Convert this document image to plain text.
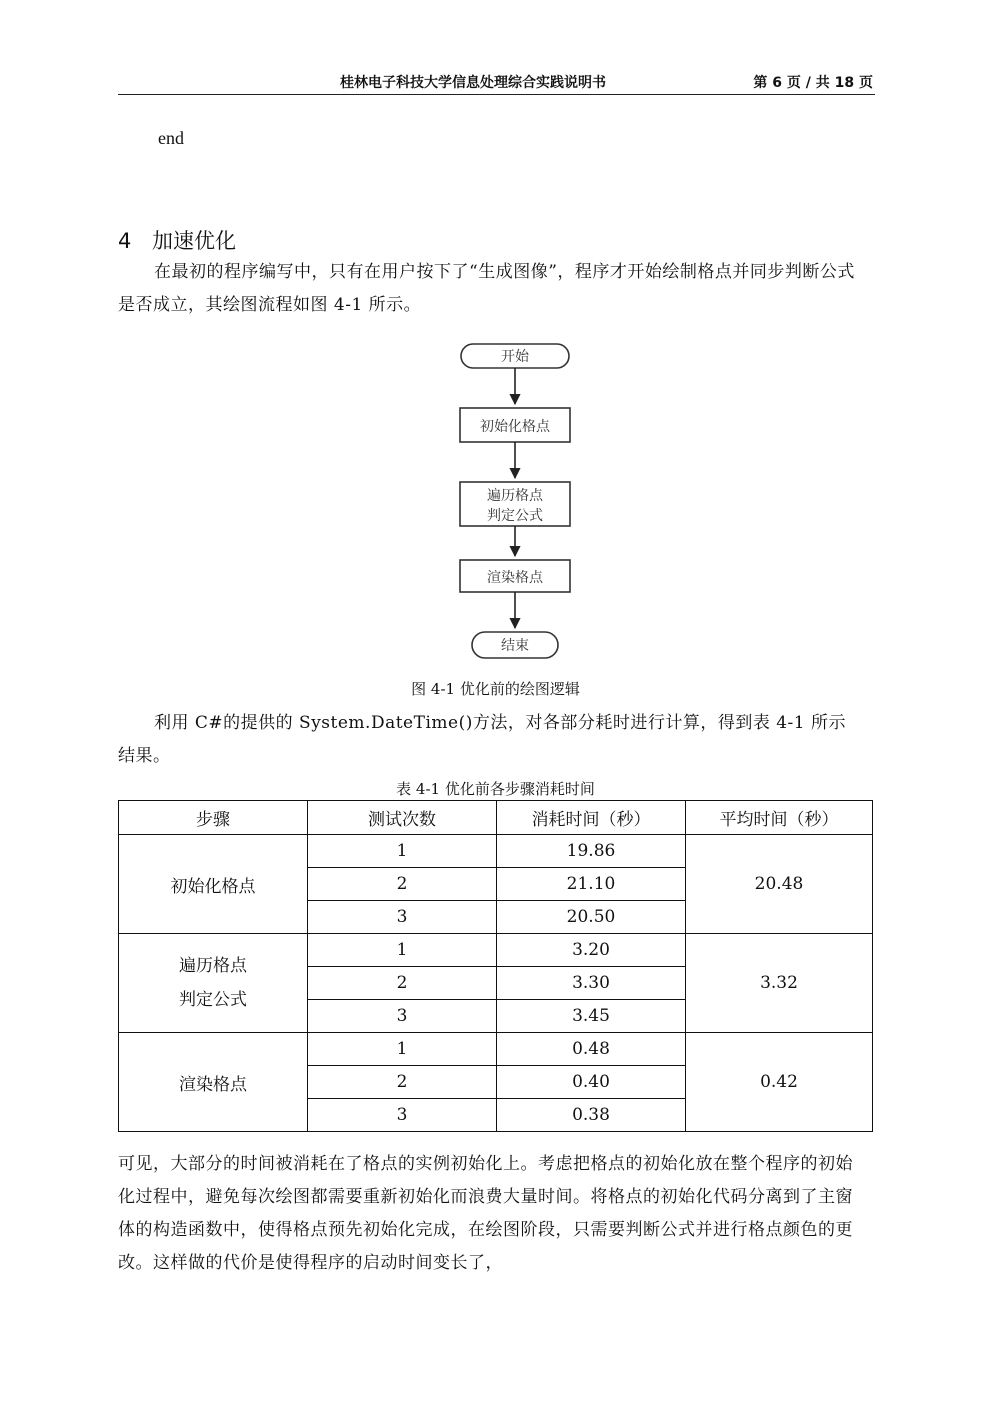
桂林电子科技大学信息处理综合实践说明书	第 6 页 / 共 18 页
end
4 加速优化
在最初的程序编写中，只有在用户按下了“生成图像”，程序才开始绘制格点并同步判断公式是否成立，其绘图流程如图 4-1 所示。
开始
初始化格点
遍历格点
判定公式
渲染格点
结束
图 4-1 优化前的绘图逻辑
利用 C#的提供的 System.DateTime()方法，对各部分耗时进行计算，得到表 4-1 所示结果。
表 4-1 优化前各步骤消耗时间
步骤	测试次数	消耗时间（秒）	平均时间（秒）
初始化格点	1	19.86	20.48
	2	21.10	
	3	20.50	

遍历格点
判定公式	1	3.20	3.32
	2	3.30	
	3	3.45	
渲染格点	1	0.48	0.42
	2	0.40	
	3	0.38	
可见，大部分的时间被消耗在了格点的实例初始化上。考虑把格点的初始化放在整个程序的初始化过程中，避免每次绘图都需要重新初始化而浪费大量时间。将格点的初始化代码分离到了主窗体的构造函数中，使得格点预先初始化完成，在绘图阶段，只需要判断公式并进行格点颜色的更改。这样做的代价是使得程序的启动时间变长了，
